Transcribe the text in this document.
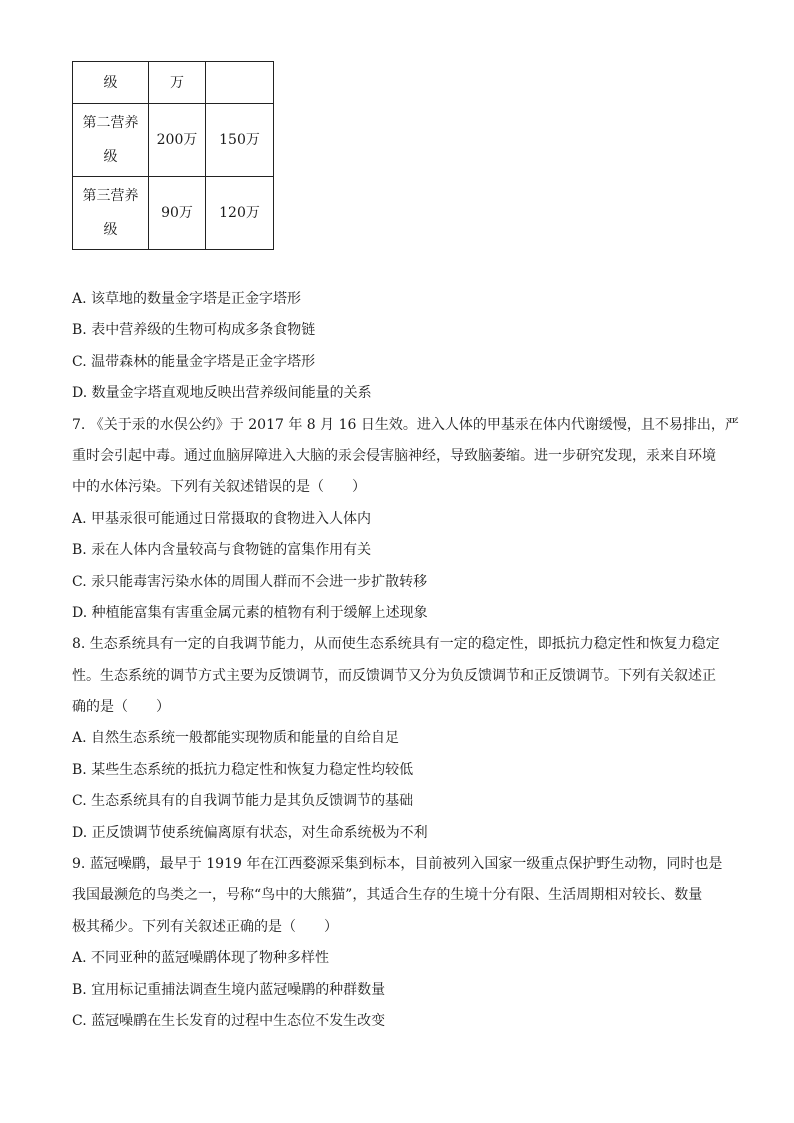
级	万	
第二营养级	200万	150万
第三营养级	90万	120万
A. 该草地的数量金字塔是正金字塔形
B. 表中营养级的生物可构成多条食物链
C. 温带森林的能量金字塔是正金字塔形
D. 数量金字塔直观地反映出营养级间能量的关系
7. 《关于汞的水俣公约》于 2017 年 8 月 16 日生效。进入人体的甲基汞在体内代谢缓慢，且不易排出，严
重时会引起中毒。通过血脑屏障进入大脑的汞会侵害脑神经，导致脑萎缩。进一步研究发现，汞来自环境
中的水体污染。下列有关叙述错误的是（　　）
A. 甲基汞很可能通过日常摄取的食物进入人体内
B. 汞在人体内含量较高与食物链的富集作用有关
C. 汞只能毒害污染水体的周围人群而不会进一步扩散转移
D. 种植能富集有害重金属元素的植物有利于缓解上述现象
8. 生态系统具有一定的自我调节能力，从而使生态系统具有一定的稳定性，即抵抗力稳定性和恢复力稳定
性。生态系统的调节方式主要为反馈调节，而反馈调节又分为负反馈调节和正反馈调节。下列有关叙述正
确的是（　　）
A. 自然生态系统一般都能实现物质和能量的自给自足
B. 某些生态系统的抵抗力稳定性和恢复力稳定性均较低
C. 生态系统具有的自我调节能力是其负反馈调节的基础
D. 正反馈调节使系统偏离原有状态，对生命系统极为不利
9. 蓝冠噪鹛，最早于 1919 年在江西婺源采集到标本，目前被列入国家一级重点保护野生动物，同时也是
我国最濒危的鸟类之一，号称“鸟中的大熊猫”，其适合生存的生境十分有限、生活周期相对较长、数量
极其稀少。下列有关叙述正确的是（　　）
A. 不同亚种的蓝冠噪鹛体现了物种多样性
B. 宜用标记重捕法调查生境内蓝冠噪鹛的种群数量
C. 蓝冠噪鹛在生长发育的过程中生态位不发生改变
